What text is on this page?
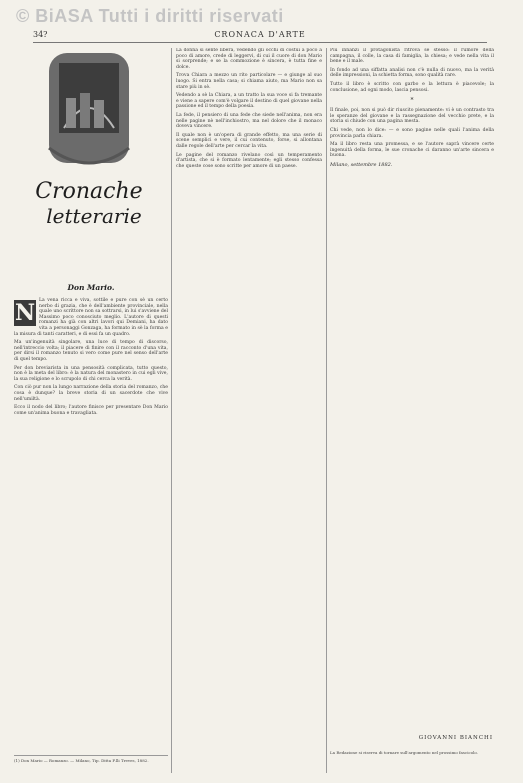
© BiASA Tutti i diritti riservati
34?	CRONACA D'ARTE
Cronache
letterarie
Don Mario.
N La vena ricca e viva, sottile e pure con sè un certo nerbo di grazia, che è dell'ambiente provinciale, nella quale uno scrittore non sa sottrarsi, in lui s'avviene del Massimo poco conosciuto meglio. L'autore di questi romanzi ha già con altri lavori qui Demiani, ha dato vita a personaggi Gonzaga, ha formato in sè la forma e la misura di tanti caratteri, e di essi fa un quadro.

Ma un'ingenuità singolare, una luce di tempo di discorso, nell'intreccio volta; il piacere di finire con il racconto d'una vita, per dirsi il romanzo tenuto si vero come pure nel senso dell'arte di quel tempo.

Per don breviarista in una pensosità complicata, tutto questo, non è la meta del libro: è la natura del monastero in cui egli vive, la sua religione e lo scrupolo di chi cerca la verità.

Con ciò pur non la lungo narrazione della storia del romanzo, che cosa è dunque? la breve storia di un sacerdote che vive nell'umiltà.

Ecco il nodo del libro; l'autore finisce per presentare Don Mario come un'anima buona e travagliata.

(1) Don Mario — Romanzo. — Milano, Tip. Ditta F.lli Treves, 1882.

La donna si sente libera, vedendo gli occhi di costui a poco a poco di amore, crede di leggervi, di cui il cuore di don Mario si sorprende; e se la commozione è sincera, è tutta fine e dolce.

Trova Chiara a mezzo un rito particolare — e giunge al suo luogo. Si entra nella casa; si chiama aiuto, ma Mario non sa stare più in sè.

Vedendo a sè la Chiara, a un tratto la sua voce si fa tremante e viene a sapere com'è volgare il destino di quel giovane nella passione ed il tempo della poesia.

La fede, il pensiero di una fede che siede nell'anima, non era nelle pagine nè nell'inchiostro, ma nel dolore che il monaco doveva vincere.

Il quale non è un'opera di grande effetto, ma una serie di scene semplici e vere, il cui contenuto, forse, si allontana dalle regole dell'arte per cercar la vita.

Le pagine del romanzo rivelano così un temperamento d'artista, che si è formato lentamente; egli stesso confessa che queste cose sono scritte per amore di un paese.

Più innanzi il protagonista ritrova sè stesso: il rumore della campagna, il colle, la casa di famiglia, la chiesa; e vede nella vita il bene e il male.

In fondo ad una siffatta analisi non c'è nulla di nuovo, ma la verità delle impressioni, la schietta forma, sono qualità rare.

Tutto il libro è scritto con garbo e la lettura è piacevole; la conclusione, ad ogni modo, lascia pensosi.

*

Il finale, poi, non si può dir riuscito pienamente: vi è un contrasto tra le speranze del giovane e la rassegnazione del vecchio prete, e la storia si chiude con una pagina mesta.

Chi vede, non lo dice: — e sono pagine nelle quali l'anima della provincia parla chiara.

Ma il libro resta una promessa, e se l'autore saprà vincere certe ingenuità della forma, le sue cronache ci daranno un'arte sincera e buona.

Milano, settembre 1882.

GIOVANNI BIANCHI
La Redazione si riserva di tornare sull'argomento nel prossimo fascicolo.
